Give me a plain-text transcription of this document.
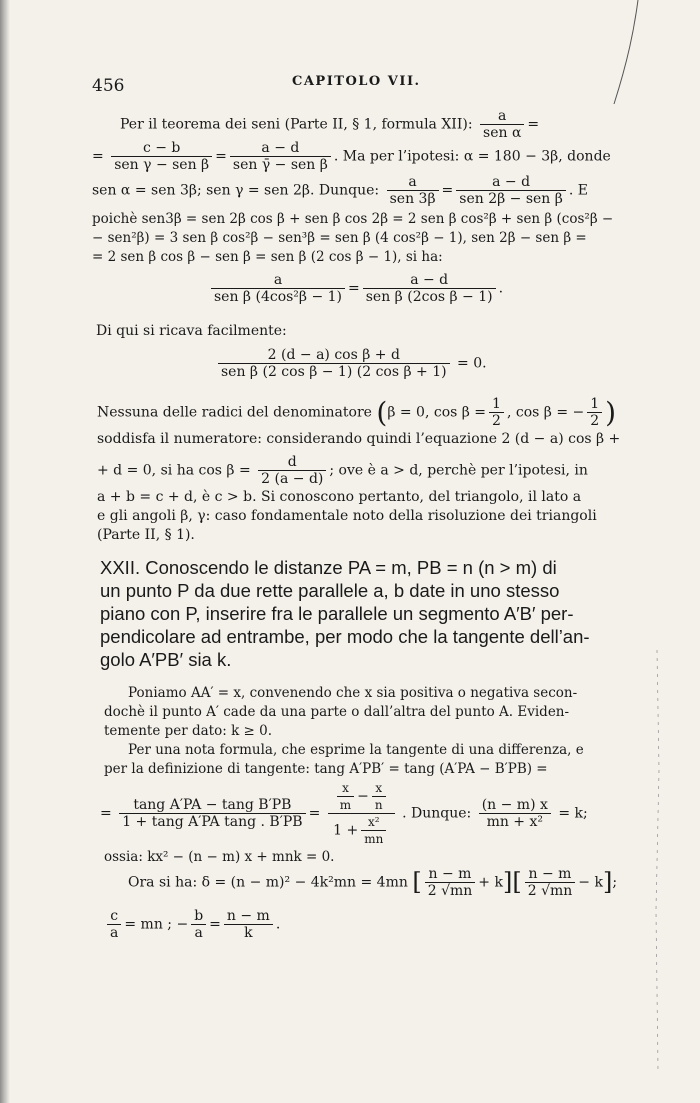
456	CAPITOLO VII.
Per il teorema dei seni (Parte II, § 1, formula XII): $\frac{a}{\text{sen α}}$ =
= $\frac{c - b}{\text{sen γ − sen β}} = \frac{a - d}{\text{sen γ̄ − sen β}}$ . Ma per l’ipotesi: α = 180 − 3β, donde
sen α = sen 3β; sen γ = sen 2β. Dunque: $\frac{a}{\text{sen 3β}} = \frac{a - d}{\text{sen 2β − sen β}}$ . E
poichè sen3β = sen 2β cos β + sen β cos 2β = 2 sen β cos²β + sen β (cos²β −
− sen²β) = 3 sen β cos²β − sen³β = sen β (4 cos²β − 1), sen 2β − sen β =
= 2 sen β cos β − sen β = sen β (2 cos β − 1), si ha:
$\frac{a}{\text{sen β (4cos²β − 1)}} = \frac{a - d}{\text{sen β (2cos β − 1)}}$ .
Di qui si ricava facilmente:
$\frac{\text{2 (d − a) cos β + d}}{\text{sen β (2 cos β − 1) (2 cos β + 1)}} = 0$.
Nessuna delle radici del denominatore (β = 0, $\cos \beta = \frac{1}{2}$ , cos β = − $\frac{1}{2}$ )
soddisfa il numeratore: considerando quindi l’equazione 2 (d − a) cos β +
+ d = 0, si ha $\cos \beta = \frac{d}{2 (a - d)}$ ; ove è a > d, perchè per l’ipotesi, in
a + b = c + d, è c > b. Si conoscono pertanto, del triangolo, il lato a
e gli angoli β, γ: caso fondamentale noto della risoluzione dei triangoli
(Parte II, § 1).
XXII. Conoscendo le distanze PA = m, PB = n (n > m) di
un punto P da due rette parallele a, b date in uno stesso
piano con P, inserire fra le parallele un segmento A′B′ per-
pendicolare ad entrambe, per modo che la tangente dell’an-
golo A′PB′ sia k.
Poniamo AA′ = x, convenendo che x sia positiva o negativa secon-
dochè il punto A′ cade da una parte o dall’altra del punto A. Eviden-
temente per dato: k ≥ 0.
Per una nota formula, che esprime la tangente di una differenza, e
per la definizione di tangente: tang A′PB′ = tang (A′PA − B′PB) =
= $\frac{\text{tang A′PA − tang B′PB}}{\text{1 + tang A′PA tang . B′PB}} = \frac{\frac{x}{m} - \frac{x}{n}}{1 + \frac{\text{x²}}{mn}}$ . Dunque: $\frac{(n - m) x}{\text{mn + x²}} = k$;
ossia: kx² − (n − m) x + mnk = 0.
Ora si ha: δ = (n − m)² − 4k²mn = 4mn [ $\frac{n - m}{2 √mn} + k][ \frac{n - m}{2 √mn} - k]$;
$\frac{c}{a}$ = mn ; − $\frac{b}{a} = \frac{n - m}{k}$ .
